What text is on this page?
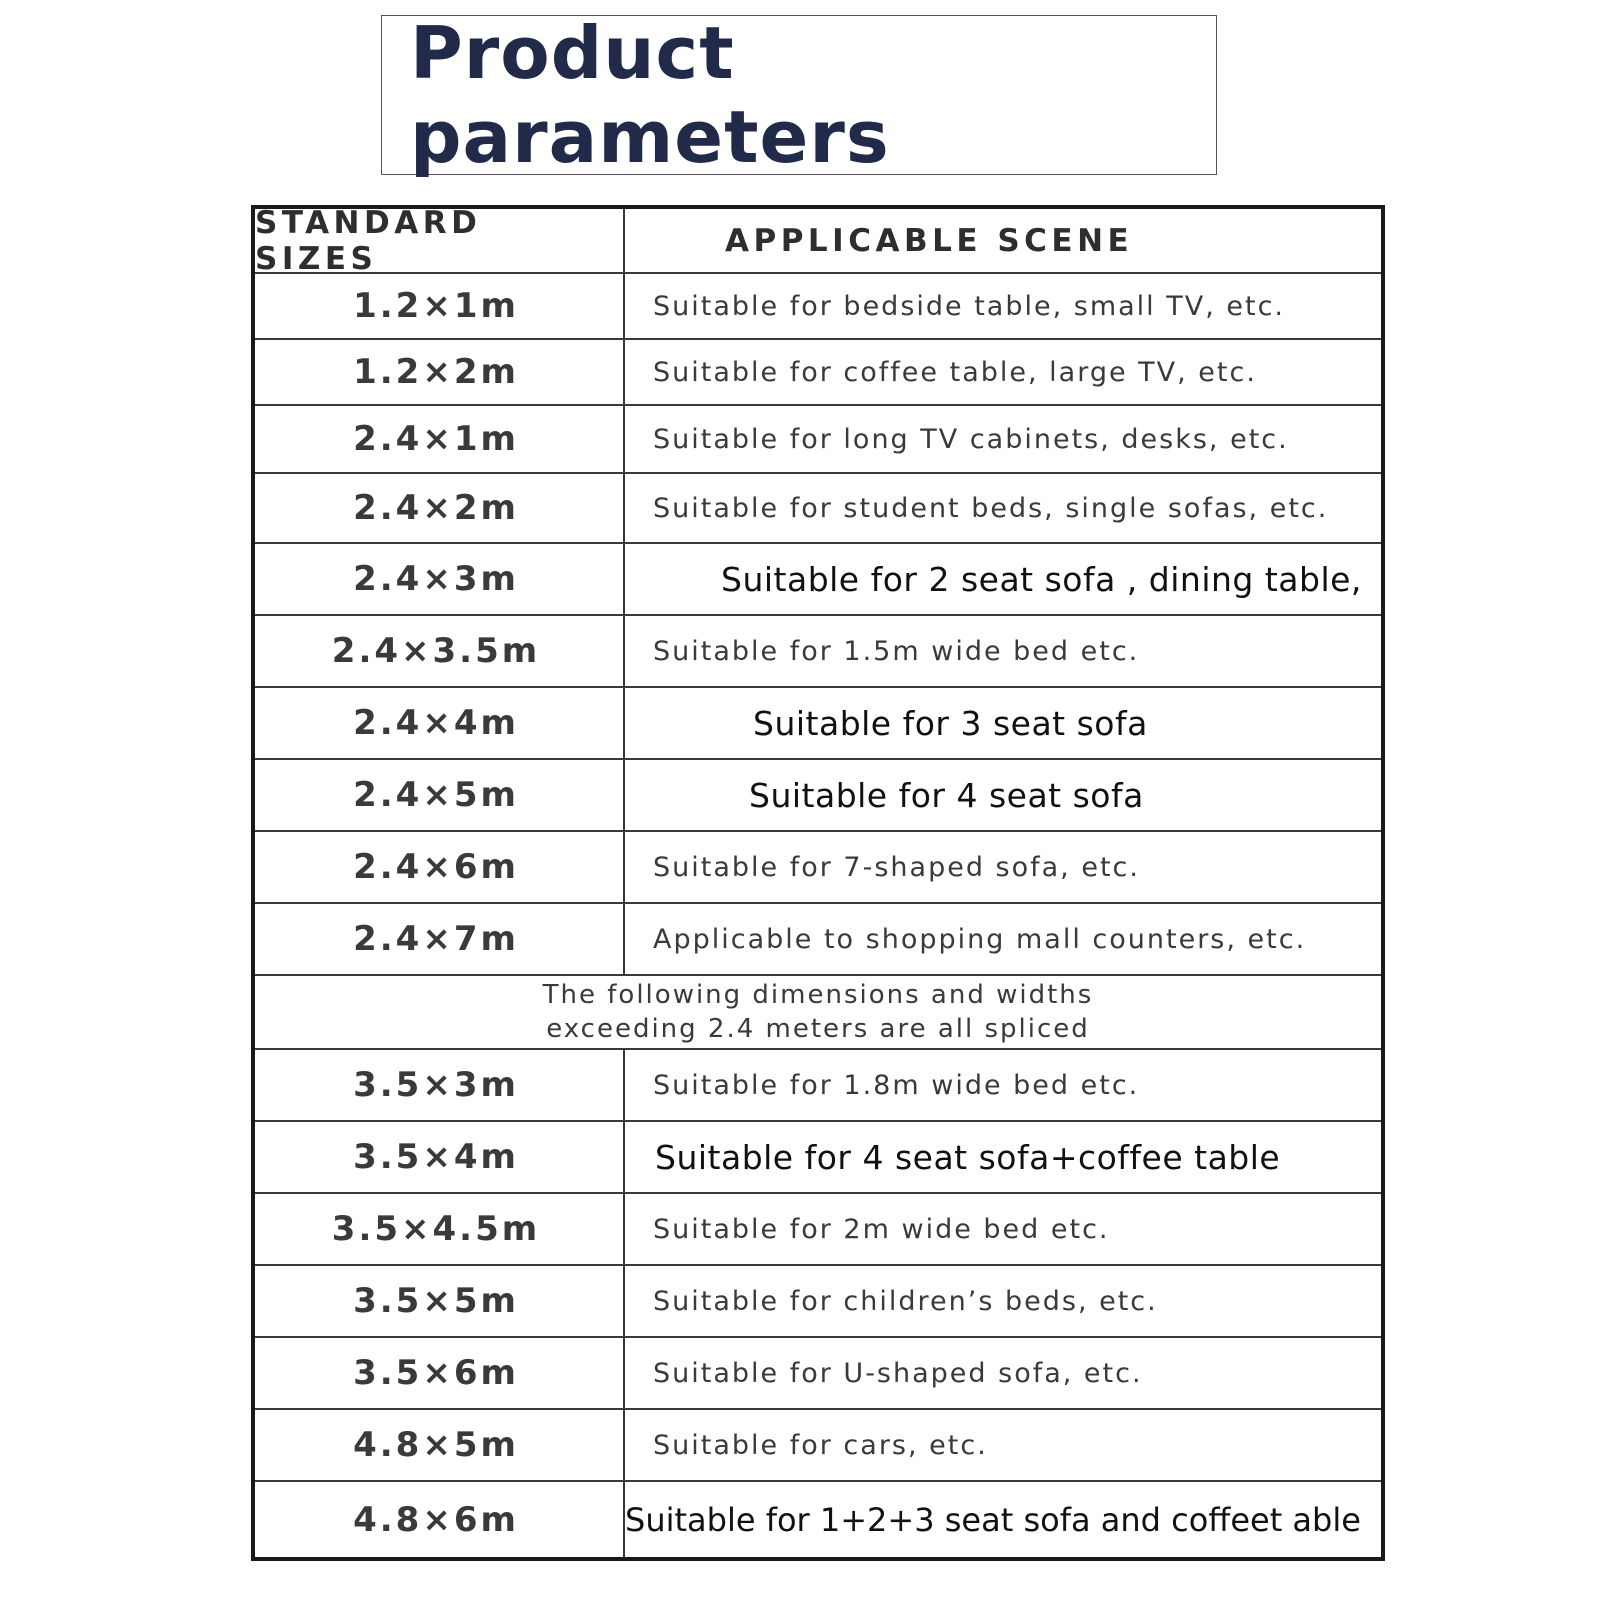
Product parameters
STANDARD SIZES	APPLICABLE SCENE
1.2×1m	Suitable for bedside table, small TV, etc.
1.2×2m	Suitable for coffee table, large TV, etc.
2.4×1m	Suitable for long TV cabinets, desks, etc.
2.4×2m	Suitable for student beds, single sofas, etc.
2.4×3m	Suitable for 2 seat sofa , dining table,
2.4×3.5m	Suitable for 1.5m wide bed etc.
2.4×4m	Suitable for 3 seat sofa
2.4×5m	Suitable for 4 seat sofa
2.4×6m	Suitable for 7-shaped sofa, etc.
2.4×7m	Applicable to shopping mall counters, etc.
The following dimensions and widths
exceeding 2.4 meters are all spliced
3.5×3m	Suitable for 1.8m wide bed etc.
3.5×4m	Suitable for 4 seat sofa+coffee table
3.5×4.5m	Suitable for 2m wide bed etc.
3.5×5m	Suitable for children’s beds, etc.
3.5×6m	Suitable for U-shaped sofa, etc.
4.8×5m	Suitable for cars, etc.
4.8×6m	Suitable for 1+2+3 seat sofa and coffeet able
